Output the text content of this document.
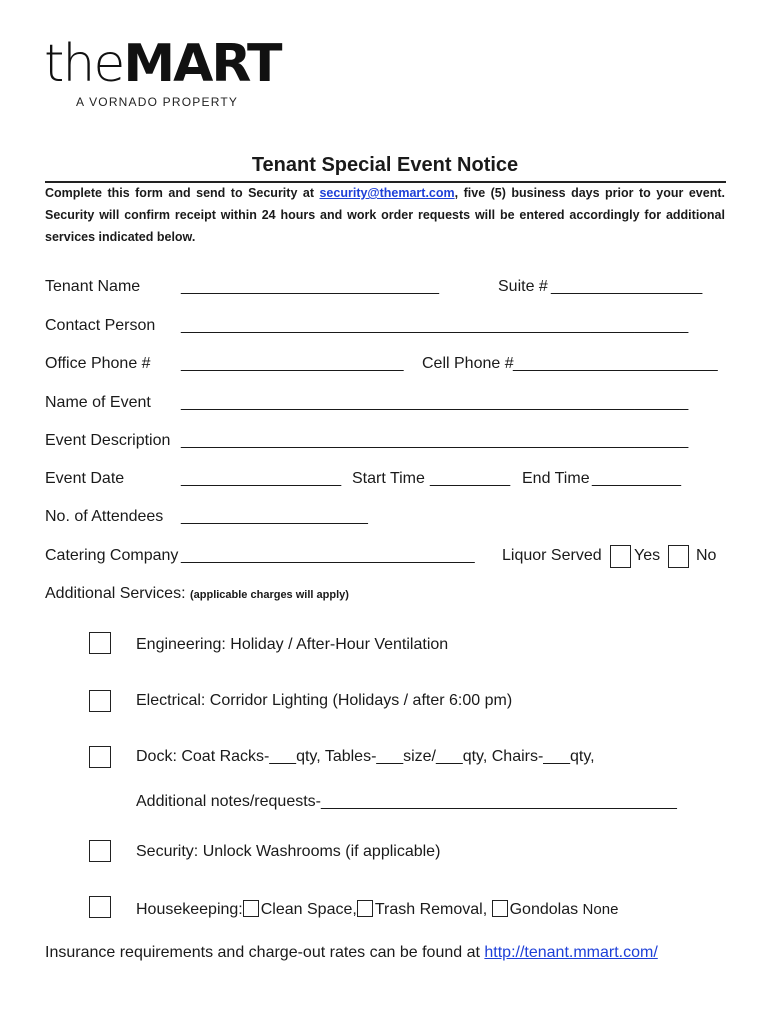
theMART
A VORNADO PROPERTY
Tenant Special Event Notice
Complete this form and send to Security at security@themart.com, five (5) business days prior to your event. Security will confirm receipt within 24 hours and work order requests will be entered accordingly for additional services indicated below.
Tenant Name	_____________________________	Suite # _________________
Contact Person _________________________________________________________
Office Phone # _________________________ Cell Phone # _______________________
Name of Event _________________________________________________________
Event Description _________________________________________________________
Event Date	__________________ Start Time _________ End Time __________
No. of Attendees _____________________
Catering Company _________________________________ Liquor Served Yes No
Additional Services: (applicable charges will apply)
Engineering: Holiday / After-Hour Ventilation
Electrical: Corridor Lighting (Holidays / after 6:00 pm)
Dock: Coat Racks-___qty, Tables-___size/___qty, Chairs-___qty,
Additional notes/requests-________________________________________
Security: Unlock Washrooms (if applicable)
Housekeeping: Clean Space, Trash Removal, Gondolas None
Insurance requirements and charge-out rates can be found at http://tenant.mmart.com/
